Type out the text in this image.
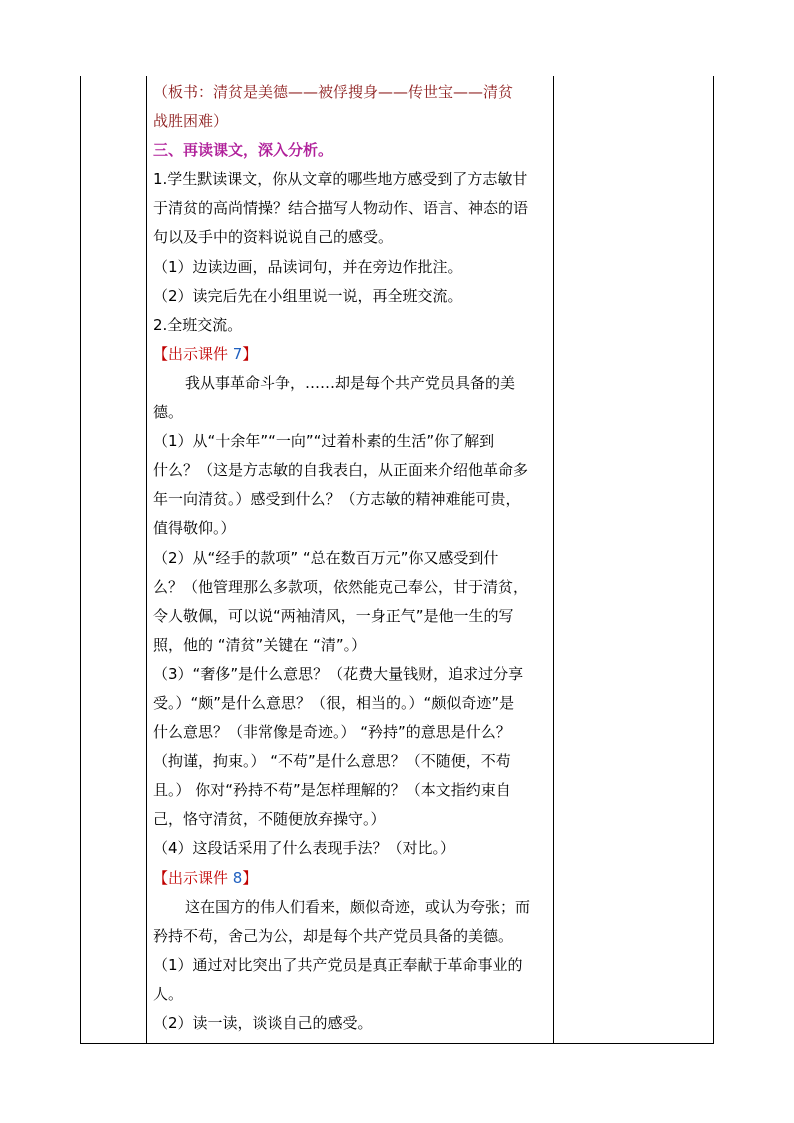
（板书：清贫是美德——被俘搜身——传世宝——清贫
战胜困难）
三、再读课文，深入分析。
1.学生默读课文，你从文章的哪些地方感受到了方志敏甘
于清贫的高尚情操？结合描写人物动作、语言、神态的语
句以及手中的资料说说自己的感受。
（1）边读边画，品读词句，并在旁边作批注。
（2）读完后先在小组里说一说，再全班交流。
2.全班交流。
【出示课件 7】
我从事革命斗争，……却是每个共产党员具备的美
德。
（1）从“十余年”“一向”“过着朴素的生活”你了解到
什么？（这是方志敏的自我表白，从正面来介绍他革命多
年一向清贫。）感受到什么？（方志敏的精神难能可贵，
值得敬仰。）
（2）从“经手的款项” “总在数百万元”你又感受到什
么？（他管理那么多款项，依然能克己奉公，甘于清贫，
令人敬佩，可以说“两袖清风，一身正气”是他一生的写
照，他的 “清贫”关键在 “清”。）
（3）“奢侈”是什么意思？（花费大量钱财，追求过分享
受。）“颇”是什么意思？（很，相当的。）“颇似奇迹”是
什么意思？（非常像是奇迹。） “矜持”的意思是什么？
（拘谨，拘束。） “不苟”是什么意思？（不随便，不苟
且。） 你对“矜持不苟”是怎样理解的？（本文指约束自
己，恪守清贫，不随便放弃操守。）
（4）这段话采用了什么表现手法？（对比。）
【出示课件 8】
这在国方的伟人们看来，颇似奇迹，或认为夸张；而
矜持不苟，舍己为公，却是每个共产党员具备的美德。
（1）通过对比突出了共产党员是真正奉献于革命事业的
人。
（2）读一读，谈谈自己的感受。
